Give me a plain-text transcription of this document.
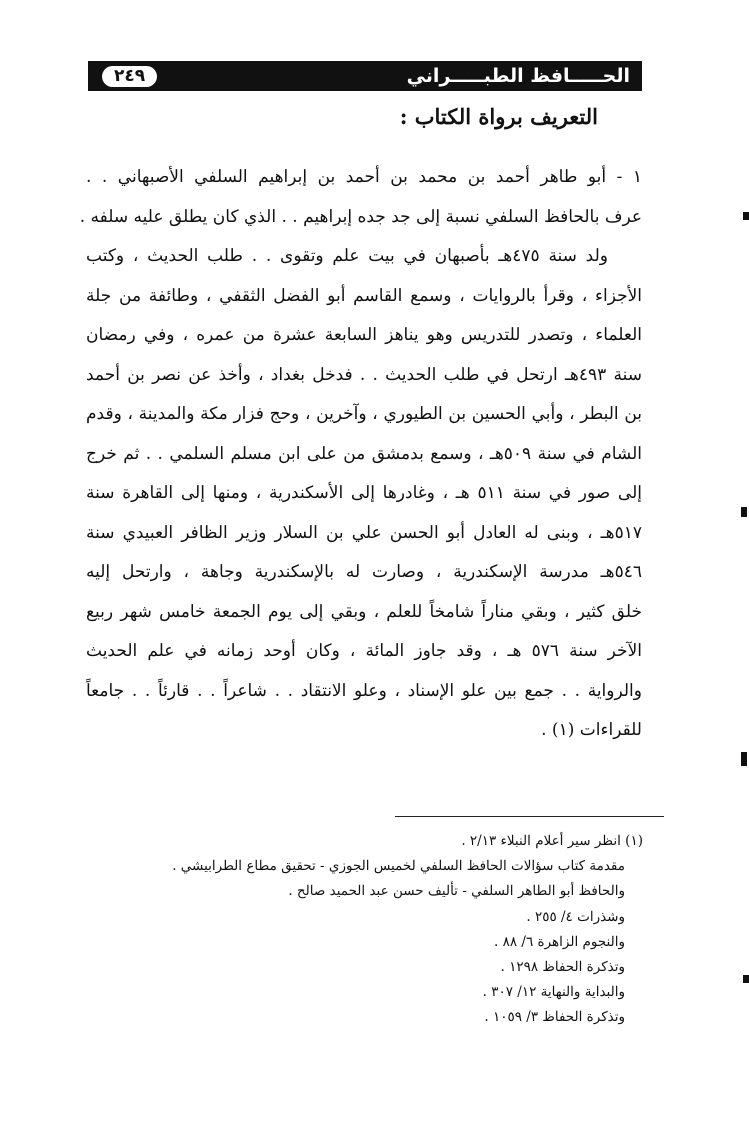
٢٤٩	الحـــــافظ الطبـــــراني
التعريف برواة الكتاب :
١ - أبو طاهر أحمد بن محمد بن أحمد بن إبراهيم السلفي الأصبهاني . .
عرف بالحافظ السلفي نسبة إلى جد جده إبراهيم . . الذي كان يطلق عليه سلفه .
ولد سنة ٤٧٥هـ بأصبهان في بيت علم وتقوى . . طلب الحديث ، وكتب
الأجزاء ، وقرأ بالروايات ، وسمع القاسم أبو الفضل الثقفي ، وطائفة من جلة
العلماء ، وتصدر للتدريس وهو يناهز السابعة عشرة من عمره ، وفي رمضان
سنة ٤٩٣هـ ارتحل في طلب الحديث . . فدخل بغداد ، وأخذ عن نصر بن أحمد
بن البطر ، وأبي الحسين بن الطيوري ، وآخرين ، وحج فزار مكة والمدينة ، وقدم
الشام في سنة ٥٠٩هـ ، وسمع بدمشق من على ابن مسلم السلمي . . ثم خرج
إلى صور في سنة ٥١١ هـ ، وغادرها إلى الأسكندرية ، ومنها إلى القاهرة سنة
٥١٧هـ ، وبنى له العادل أبو الحسن علي بن السلار وزير الظافر العبيدي سنة
٥٤٦هـ مدرسة الإسكندرية ، وصارت له بالإسكندرية وجاهة ، وارتحل إليه
خلق كثير ، وبقي مناراً شامخاً للعلم ، وبقي إلى يوم الجمعة خامس شهر ربيع
الآخر سنة ٥٧٦ هـ ، وقد جاوز المائة ، وكان أوحد زمانه في علم الحديث
والرواية . . جمع بين علو الإسناد ، وعلو الانتقاد . . شاعراً . . قارئاً . . جامعاً
للقراءات (١) .
(١) انظر سير أعلام النبلاء ٢/١٣ .
مقدمة كتاب سؤالات الحافظ السلفي لخميس الجوزي - تحقيق مطاع الطرابيشي .
والحافظ أبو الطاهر السلفي - تأليف حسن عبد الحميد صالح .
وشذرات ٤/ ٢٥٥ .
والنجوم الزاهرة ٦/ ٨٨ .
وتذكرة الحفاظ ١٢٩٨ .
والبداية والنهاية ١٢/ ٣٠٧ .
وتذكرة الحفاظ ٣/ ١٠٥٩ .
